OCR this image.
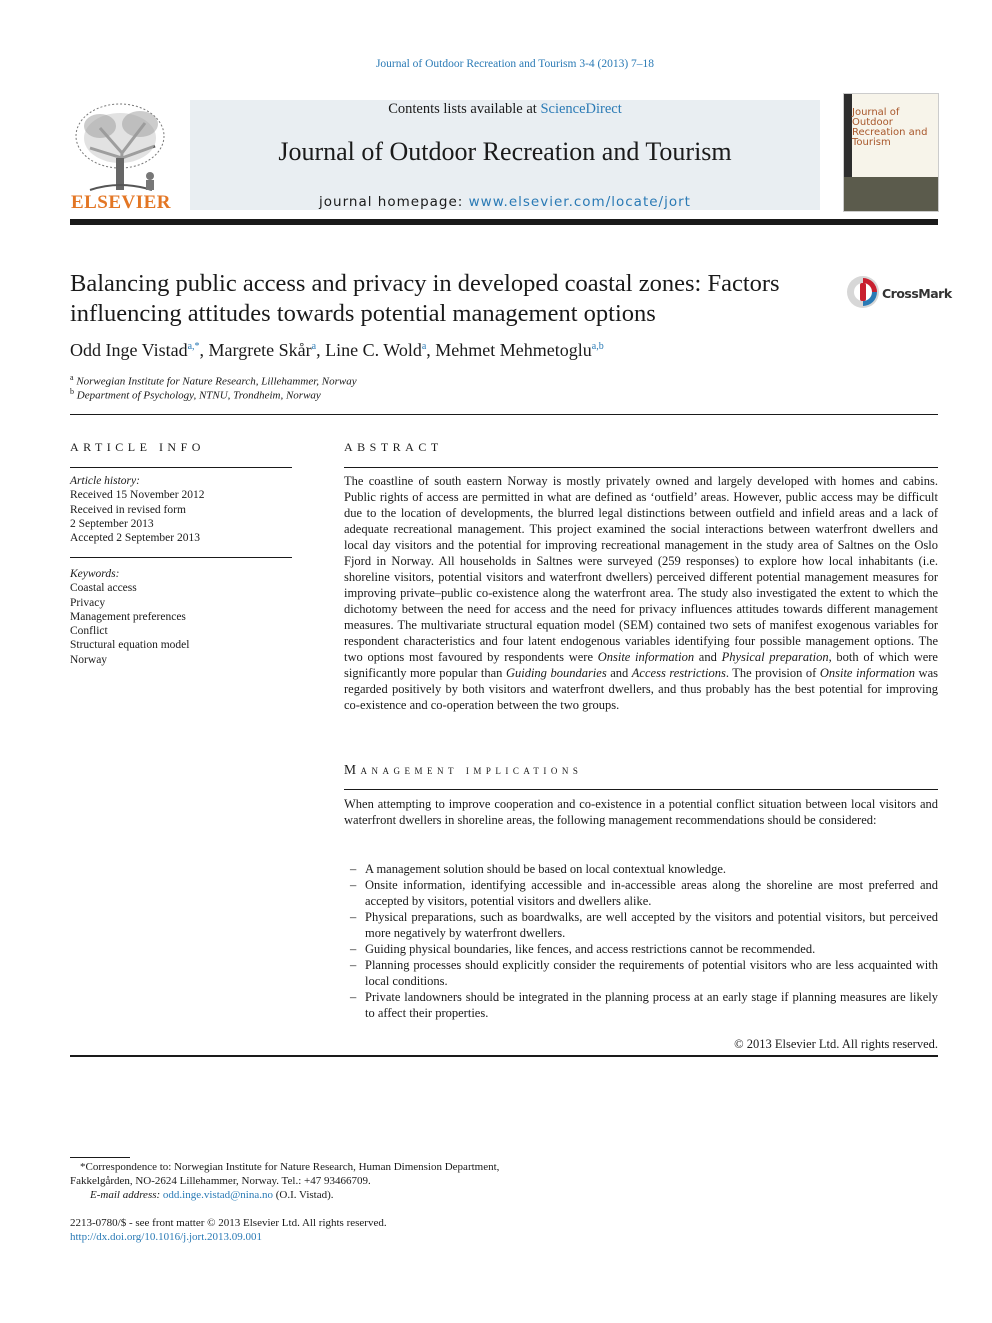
Journal of Outdoor Recreation and Tourism 3-4 (2013) 7–18
ELSEVIER
Contents lists available at ScienceDirect
Journal of Outdoor Recreation and Tourism
journal homepage: www.elsevier.com/locate/jort
Journal of Outdoor Recreation and Tourism
Balancing public access and privacy in developed coastal zones: Factors influencing attitudes towards potential management options
CrossMark
Odd Inge Vistad$^{a,*}$, Margrete Skår$^a$, Line C. Wold$^a$, Mehmet Mehmetoglu$^{a,b}$
$^a$ Norwegian Institute for Nature Research, Lillehammer, Norway
$^b$ Department of Psychology, NTNU, Trondheim, Norway
ARTICLE INFO
Article history:
Received 15 November 2012
Received in revised form
2 September 2013
Accepted 2 September 2013
Keywords:
Coastal access
Privacy
Management preferences
Conflict
Structural equation model
Norway
ABSTRACT
The coastline of south eastern Norway is mostly privately owned and largely developed with homes and cabins. Public rights of access are permitted in what are defined as ‘outfield’ areas. However, public access may be difficult due to the location of developments, the blurred legal distinctions between outfield and infield areas and a lack of adequate recreational management. This project examined the social interactions between waterfront dwellers and local day visitors and the potential for improving recreational management in the study area of Saltnes on the Oslo Fjord in Norway. All households in Saltnes were surveyed (259 responses) to explore how local inhabitants (i.e. shoreline visitors, potential visitors and waterfront dwellers) perceived different potential management measures for improving private–public co-existence along the waterfront area. The study also investigated the extent to which the dichotomy between the need for access and the need for privacy influences attitudes towards different management measures. The multivariate structural equation model (SEM) contained two sets of manifest exogenous variables for respondent characteristics and four latent endogenous variables identifying four possible management options. The two options most favoured by respondents were Onsite information and Physical preparation, both of which were significantly more popular than Guiding boundaries and Access restrictions. The provision of Onsite information was regarded positively by both visitors and waterfront dwellers, and thus probably has the best potential for improving co-existence and co-operation between the two groups.
Management implications
When attempting to improve cooperation and co-existence in a potential conflict situation between local visitors and waterfront dwellers in shoreline areas, the following management recommendations should be considered:
– A management solution should be based on local contextual knowledge.
– Onsite information, identifying accessible and in-accessible areas along the shoreline are most preferred and accepted by visitors, potential visitors and dwellers alike.
– Physical preparations, such as boardwalks, are well accepted by the visitors and potential visitors, but perceived more negatively by waterfront dwellers.
– Guiding physical boundaries, like fences, and access restrictions cannot be recommended.
– Planning processes should explicitly consider the requirements of potential visitors who are less acquainted with local conditions.
– Private landowners should be integrated in the planning process at an early stage if planning measures are likely to affect their properties.
© 2013 Elsevier Ltd. All rights reserved.
*Correspondence to: Norwegian Institute for Nature Research, Human Dimension Department, Fakkelgården, NO-2624 Lillehammer, Norway. Tel.: +47 93466709.
E-mail address: odd.inge.vistad@nina.no (O.I. Vistad).
2213-0780/$ - see front matter © 2013 Elsevier Ltd. All rights reserved.
http://dx.doi.org/10.1016/j.jort.2013.09.001
